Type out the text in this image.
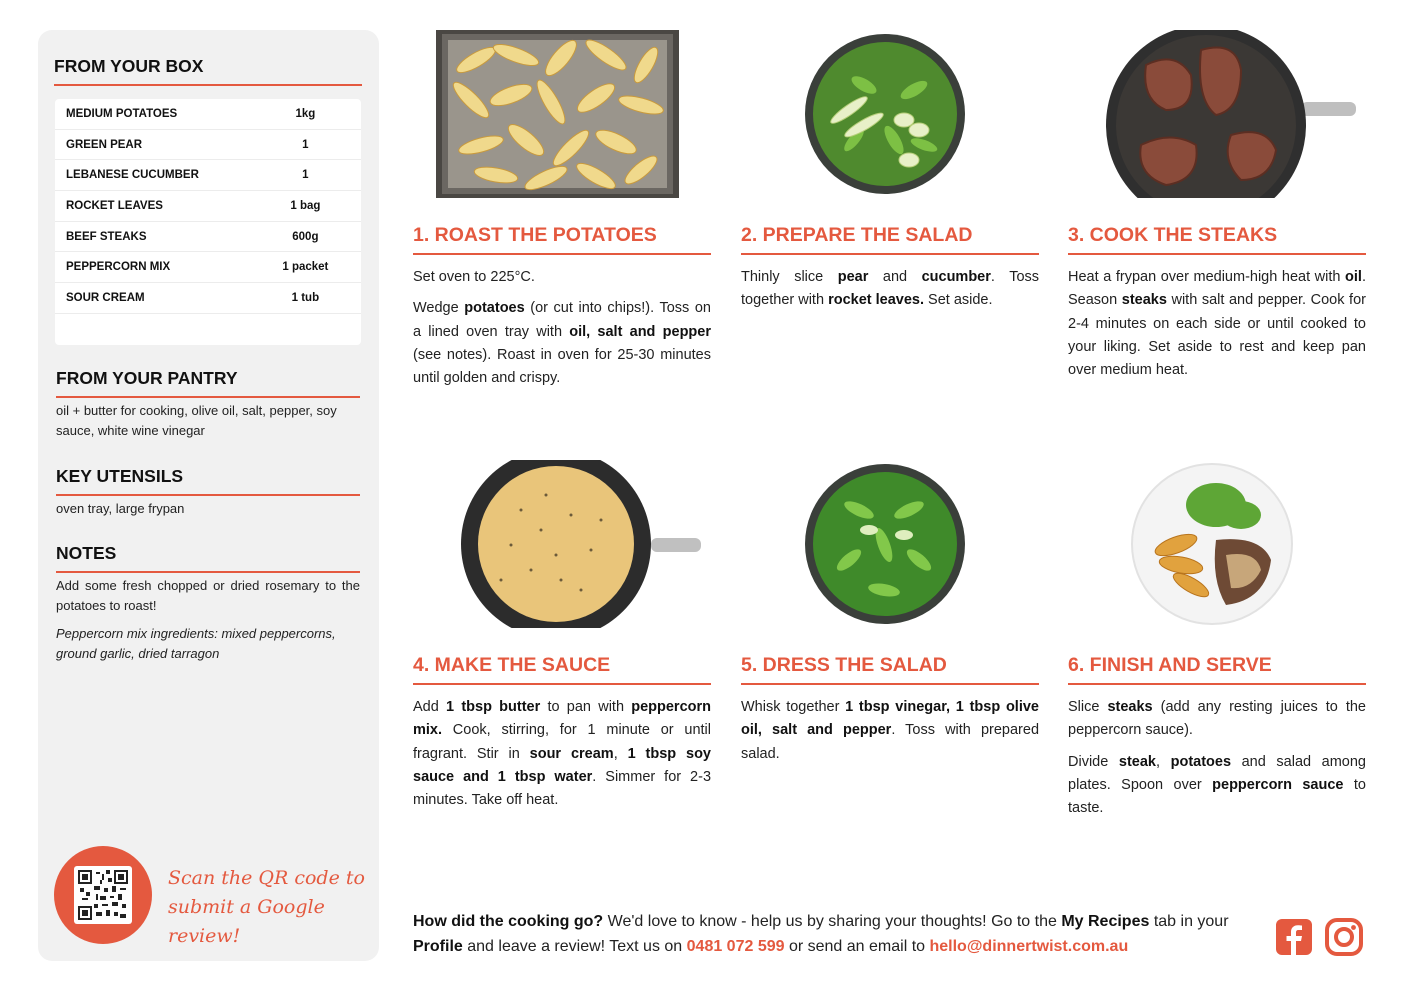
FROM YOUR BOX
MEDIUM POTATOES	1kg
GREEN PEAR	1
LEBANESE CUCUMBER	1
ROCKET LEAVES	1 bag
BEEF STEAKS	600g
PEPPERCORN MIX	1 packet
SOUR CREAM	1 tub
FROM YOUR PANTRY
oil + butter for cooking, olive oil, salt, pepper, soy sauce, white wine vinegar
KEY UTENSILS
oven tray, large frypan
NOTES
Add some fresh chopped or dried rosemary to the potatoes to roast!
Peppercorn mix ingredients: mixed peppercorns, ground garlic, dried tarragon
Scan the QR code to
submit a Google review!
1. ROAST THE POTATOES

Set oven to 225°C.

Wedge potatoes (or cut into chips!). Toss on a lined oven tray with oil, salt and pepper (see notes). Roast in oven for 25-30 minutes until golden and crispy.

2. PREPARE THE SALAD

Thinly slice pear and cucumber. Toss together with rocket leaves. Set aside.

3. COOK THE STEAKS

Heat a frypan over medium-high heat with oil. Season steaks with salt and pepper. Cook for 2-4 minutes on each side or until cooked to your liking. Set aside to rest and keep pan over medium heat.

4. MAKE THE SAUCE

Add 1 tbsp butter to pan with peppercorn mix. Cook, stirring, for 1 minute or until fragrant. Stir in sour cream, 1 tbsp soy sauce and 1 tbsp water. Simmer for 2-3 minutes. Take off heat.

5. DRESS THE SALAD

Whisk together 1 tbsp vinegar, 1 tbsp olive oil, salt and pepper. Toss with prepared salad.

6. FINISH AND SERVE

Slice steaks (add any resting juices to the peppercorn sauce).

Divide steak, potatoes and salad among plates. Spoon over peppercorn sauce to taste.

How did the cooking go? We'd love to know - help us by sharing your thoughts! Go to the My Recipes tab in your Profile and leave a review! Text us on 0481 072 599 or send an email to hello@dinnertwist.com.au
